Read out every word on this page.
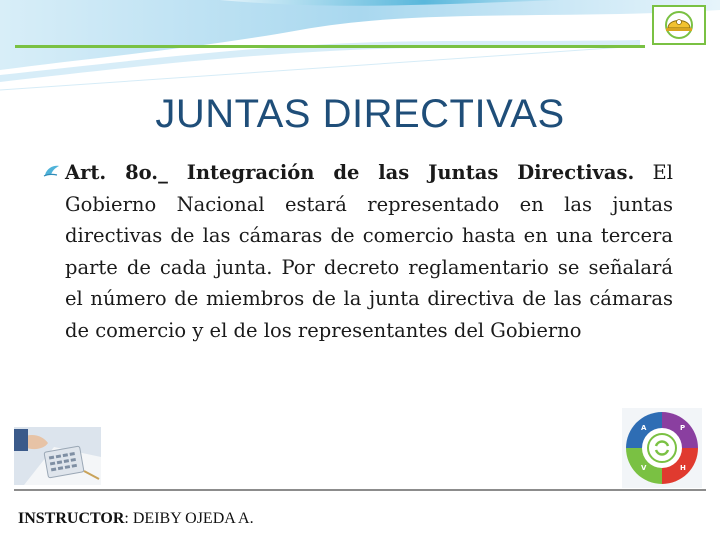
JUNTAS DIRECTIVAS

Art. 8o._ Integración de las Juntas Directivas. El Gobierno Nacional estará representado en las juntas directivas de las cámaras de comercio hasta en una tercera parte de cada junta. Por decreto reglamentario se señalará el número de miembros de la junta directiva de las cámaras de comercio y el de los representantes del Gobierno

A	P
V	H
INSTRUCTOR: DEIBY OJEDA A.
